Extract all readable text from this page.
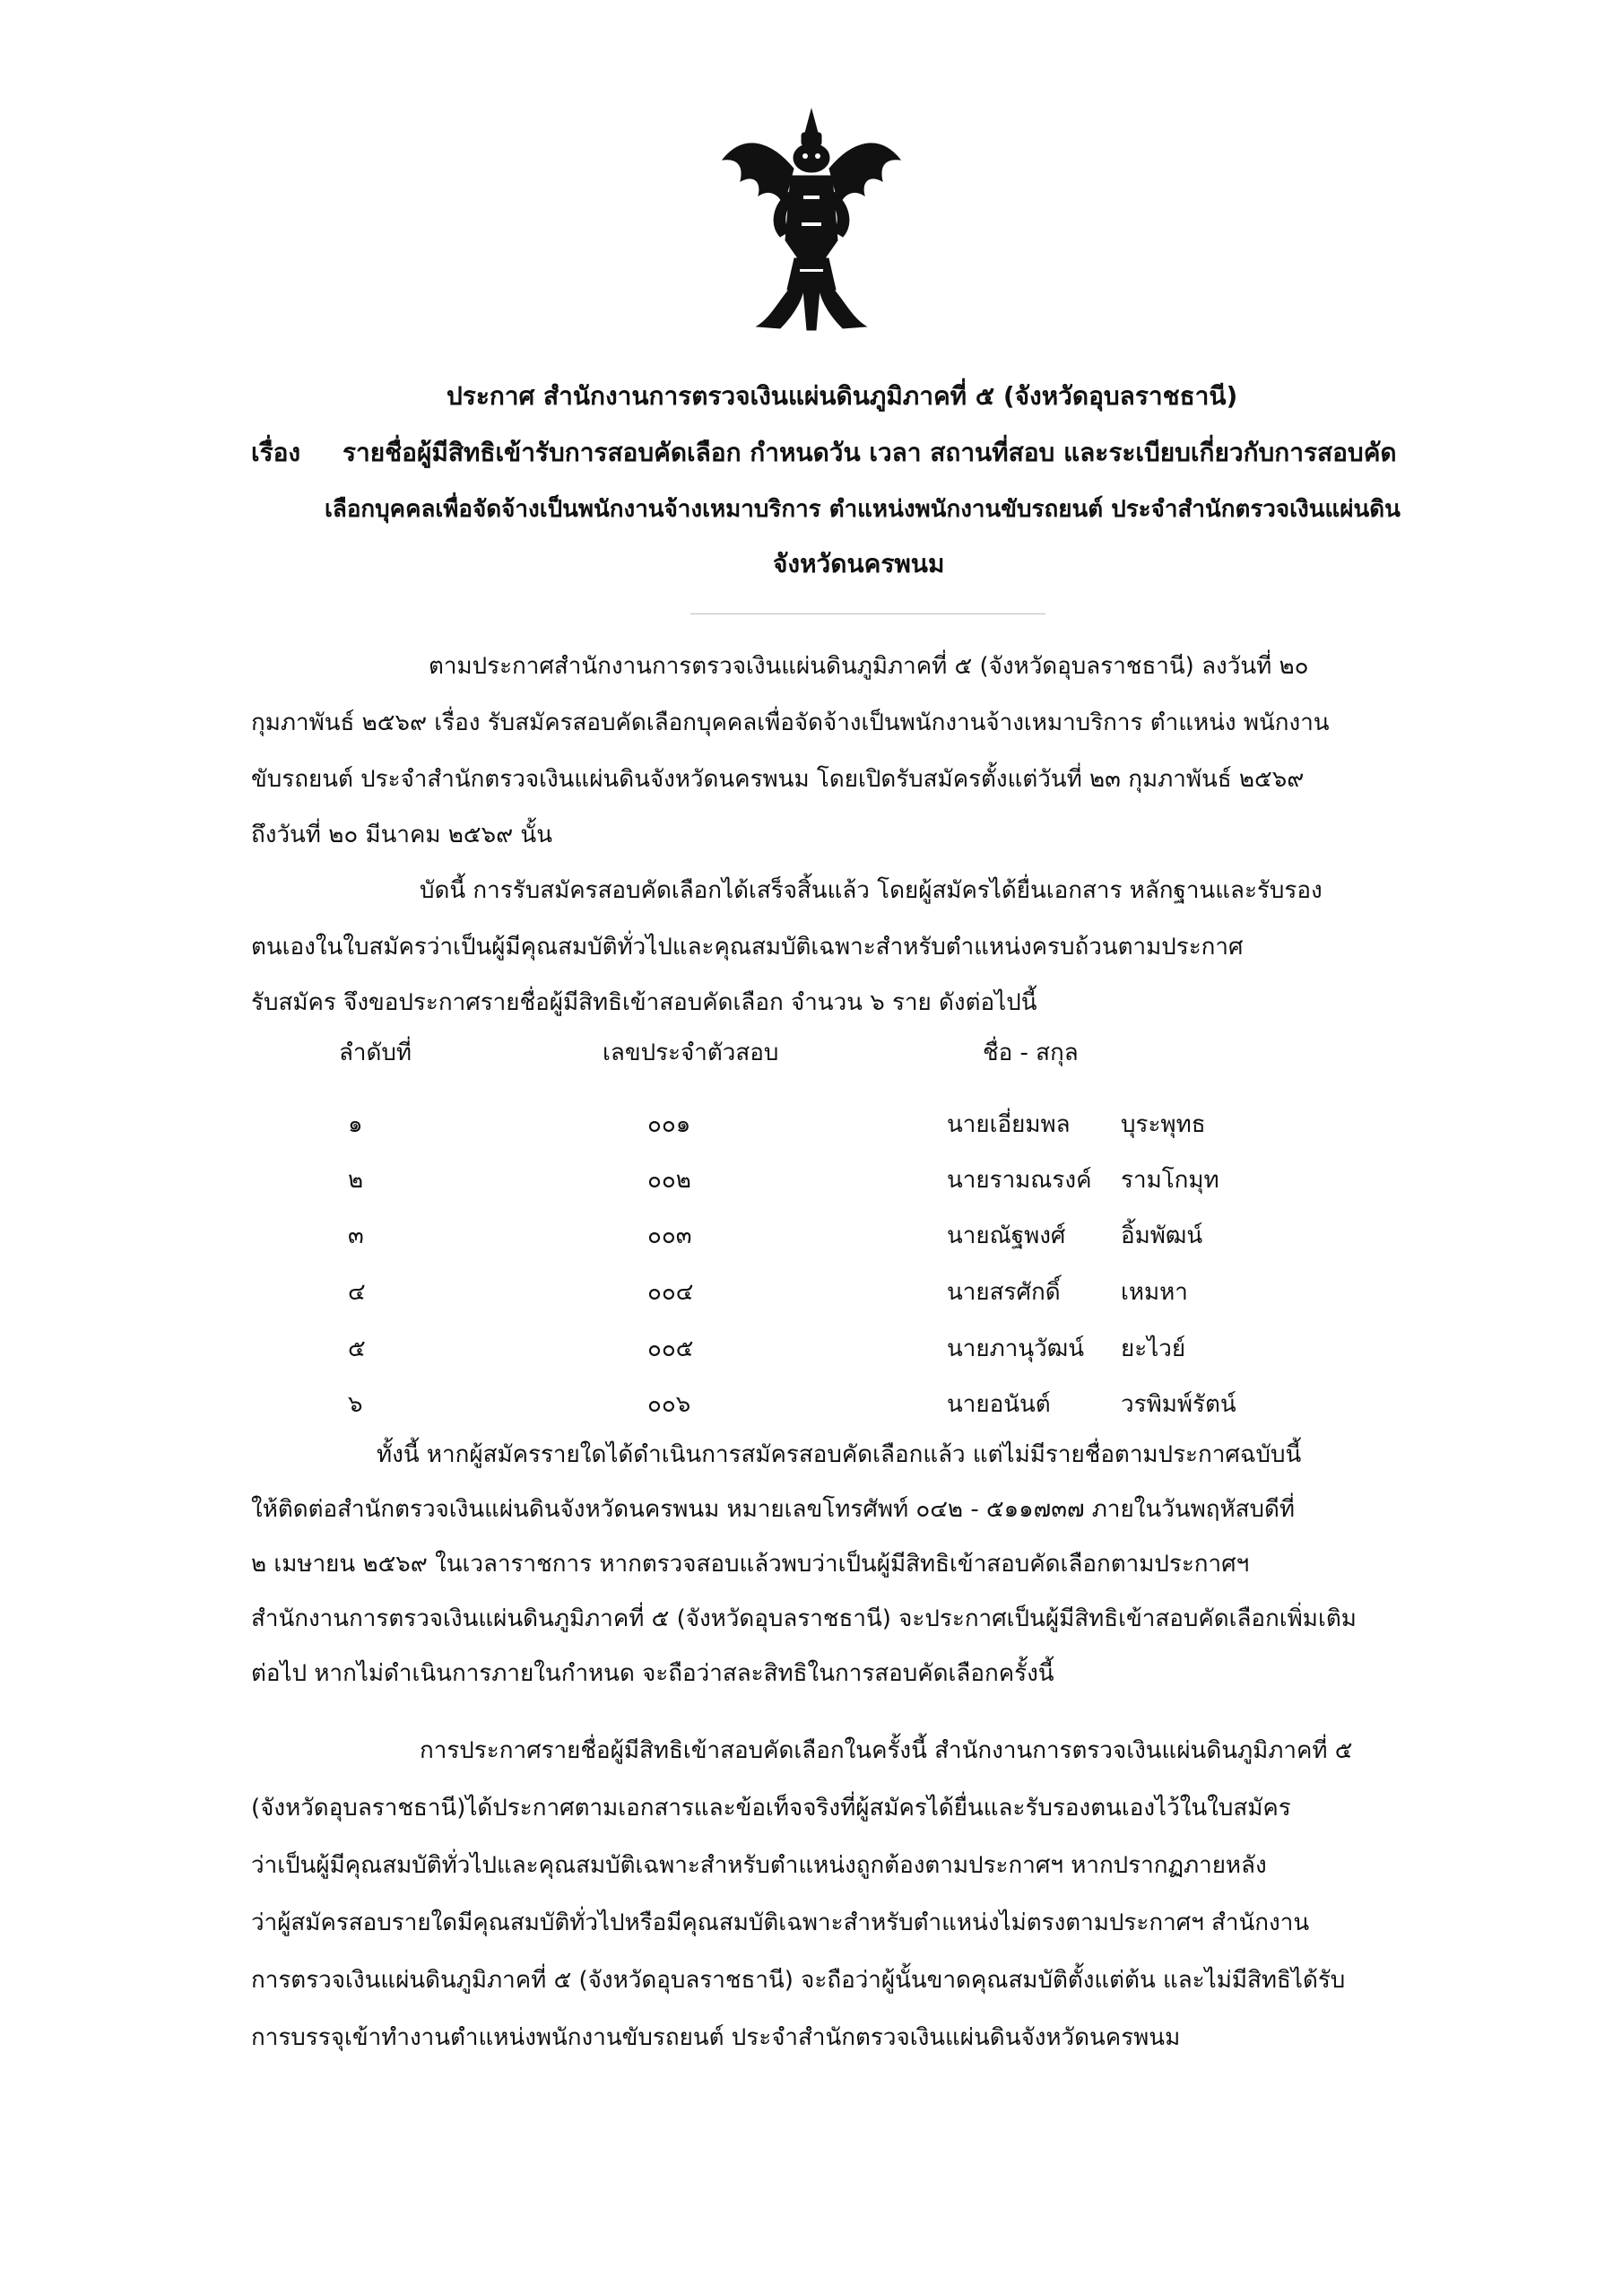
ประกาศ สำนักงานการตรวจเงินแผ่นดินภูมิภาคที่ ๕ (จังหวัดอุบลราชธานี)
เรื่อง รายชื่อผู้มีสิทธิเข้ารับการสอบคัดเลือก กำหนดวัน เวลา สถานที่สอบ และระเบียบเกี่ยวกับการสอบคัด
เลือกบุคคลเพื่อจัดจ้างเป็นพนักงานจ้างเหมาบริการ ตำแหน่งพนักงานขับรถยนต์ ประจำสำนักตรวจเงินแผ่นดิน
จังหวัดนครพนม
ตามประกาศสำนักงานการตรวจเงินแผ่นดินภูมิภาคที่ ๕ (จังหวัดอุบลราชธานี) ลงวันที่ ๒๐
กุมภาพันธ์ ๒๕๖๙ เรื่อง รับสมัครสอบคัดเลือกบุคคลเพื่อจัดจ้างเป็นพนักงานจ้างเหมาบริการ ตำแหน่ง พนักงาน
ขับรถยนต์ ประจำสำนักตรวจเงินแผ่นดินจังหวัดนครพนม โดยเปิดรับสมัครตั้งแต่วันที่ ๒๓ กุมภาพันธ์ ๒๕๖๙
ถึงวันที่ ๒๐ มีนาคม ๒๕๖๙ นั้น
บัดนี้ การรับสมัครสอบคัดเลือกได้เสร็จสิ้นแล้ว โดยผู้สมัครได้ยื่นเอกสาร หลักฐานและรับรอง
ตนเองในใบสมัครว่าเป็นผู้มีคุณสมบัติทั่วไปและคุณสมบัติเฉพาะสำหรับตำแหน่งครบถ้วนตามประกาศ
รับสมัคร จึงขอประกาศรายชื่อผู้มีสิทธิเข้าสอบคัดเลือก จำนวน ๖ ราย ดังต่อไปนี้
ลำดับที่	เลขประจำตัวสอบ	ชื่อ - สกุล
๑	๐๐๑	นายเอี่ยมพล บุระพุทธ
๒	๐๐๒	นายรามณรงค์ รามโกมุท
๓	๐๐๓	นายณัฐพงศ์ อิ้มพัฒน์
๔	๐๐๔	นายสรศักดิ์	เหมหา
๕	๐๐๕	นายภานุวัฒน์ ยะไวย์
๖	๐๐๖	นายอนันต์	วรพิมพ์รัตน์
ทั้งนี้ หากผู้สมัครรายใดได้ดำเนินการสมัครสอบคัดเลือกแล้ว แต่ไม่มีรายชื่อตามประกาศฉบับนี้
ให้ติดต่อสำนักตรวจเงินแผ่นดินจังหวัดนครพนม หมายเลขโทรศัพท์ ๐๔๒ - ๕๑๑๗๓๗ ภายในวันพฤหัสบดีที่
๒ เมษายน ๒๕๖๙ ในเวลาราชการ หากตรวจสอบแล้วพบว่าเป็นผู้มีสิทธิเข้าสอบคัดเลือกตามประกาศฯ
สำนักงานการตรวจเงินแผ่นดินภูมิภาคที่ ๕ (จังหวัดอุบลราชธานี) จะประกาศเป็นผู้มีสิทธิเข้าสอบคัดเลือกเพิ่มเติม
ต่อไป หากไม่ดำเนินการภายในกำหนด จะถือว่าสละสิทธิในการสอบคัดเลือกครั้งนี้
การประกาศรายชื่อผู้มีสิทธิเข้าสอบคัดเลือกในครั้งนี้ สำนักงานการตรวจเงินแผ่นดินภูมิภาคที่ ๕
(จังหวัดอุบลราชธานี)ได้ประกาศตามเอกสารและข้อเท็จจริงที่ผู้สมัครได้ยื่นและรับรองตนเองไว้ในใบสมัคร
ว่าเป็นผู้มีคุณสมบัติทั่วไปและคุณสมบัติเฉพาะสำหรับตำแหน่งถูกต้องตามประกาศฯ หากปรากฏภายหลัง
ว่าผู้สมัครสอบรายใดมีคุณสมบัติทั่วไปหรือมีคุณสมบัติเฉพาะสำหรับตำแหน่งไม่ตรงตามประกาศฯ สำนักงาน
การตรวจเงินแผ่นดินภูมิภาคที่ ๕ (จังหวัดอุบลราชธานี) จะถือว่าผู้นั้นขาดคุณสมบัติตั้งแต่ต้น และไม่มีสิทธิได้รับ
การบรรจุเข้าทำงานตำแหน่งพนักงานขับรถยนต์ ประจำสำนักตรวจเงินแผ่นดินจังหวัดนครพนม
